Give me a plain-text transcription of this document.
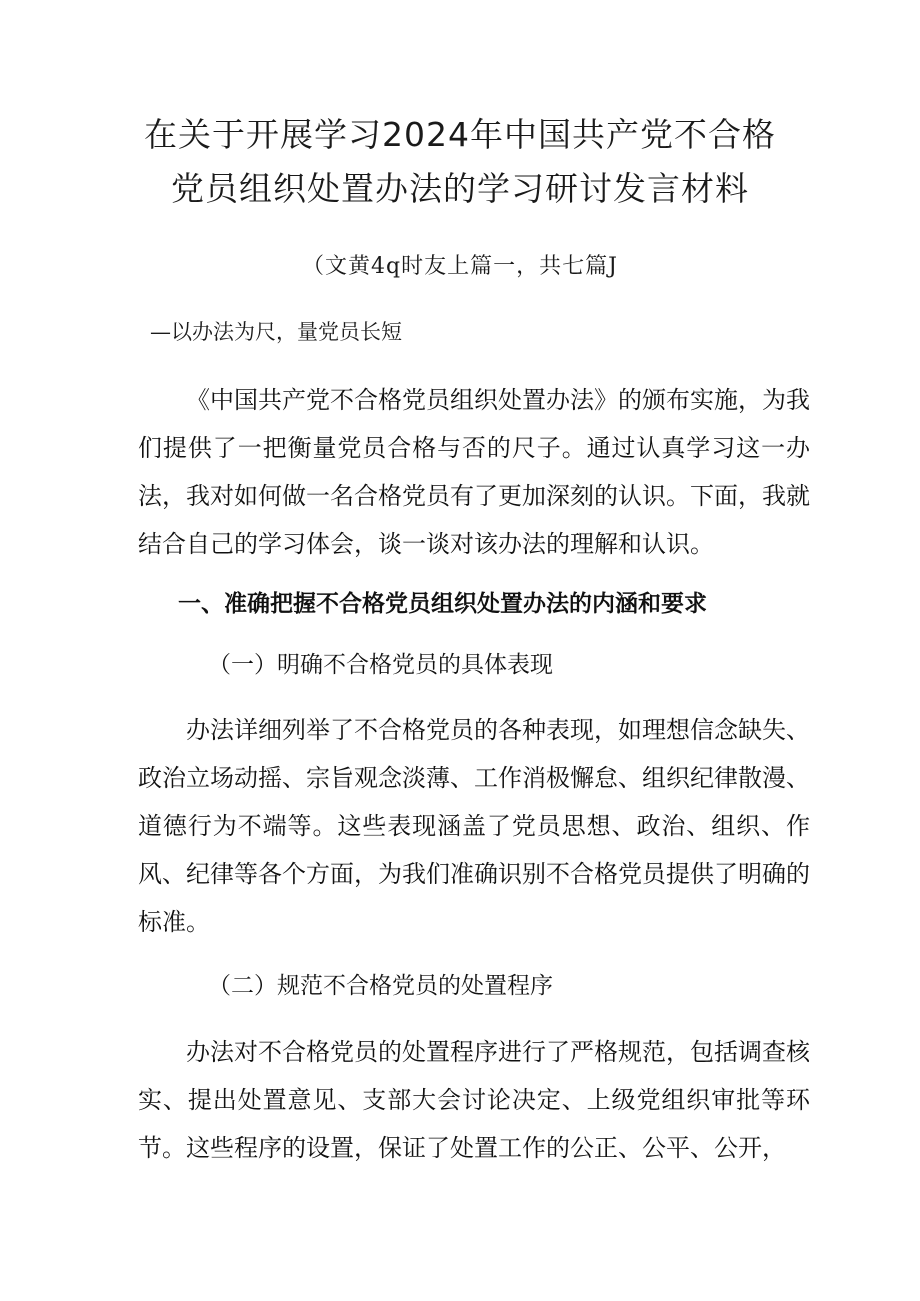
在关于开展学习2024年中国共产党不合格
党员组织处置办法的学习研讨发言材料
（文黄4q时友上篇一，共七篇J
—以办法为尺，量党员长短

《中国共产党不合格党员组织处置办法》的颁布实施，为我们提供了一把衡量党员合格与否的尺子。通过认真学习这一办法，我对如何做一名合格党员有了更加深刻的认识。下面，我就结合自己的学习体会，谈一谈对该办法的理解和认识。

一、准确把握不合格党员组织处置办法的内涵和要求
（一）明确不合格党员的具体表现

办法详细列举了不合格党员的各种表现，如理想信念缺失、政治立场动摇、宗旨观念淡薄、工作消极懈怠、组织纪律散漫、道德行为不端等。这些表现涵盖了党员思想、政治、组织、作风、纪律等各个方面，为我们准确识别不合格党员提供了明确的标准。

（二）规范不合格党员的处置程序

办法对不合格党员的处置程序进行了严格规范，包括调查核实、提出处置意见、支部大会讨论决定、上级党组织审批等环节。这些程序的设置，保证了处置工作的公正、公平、公开，
